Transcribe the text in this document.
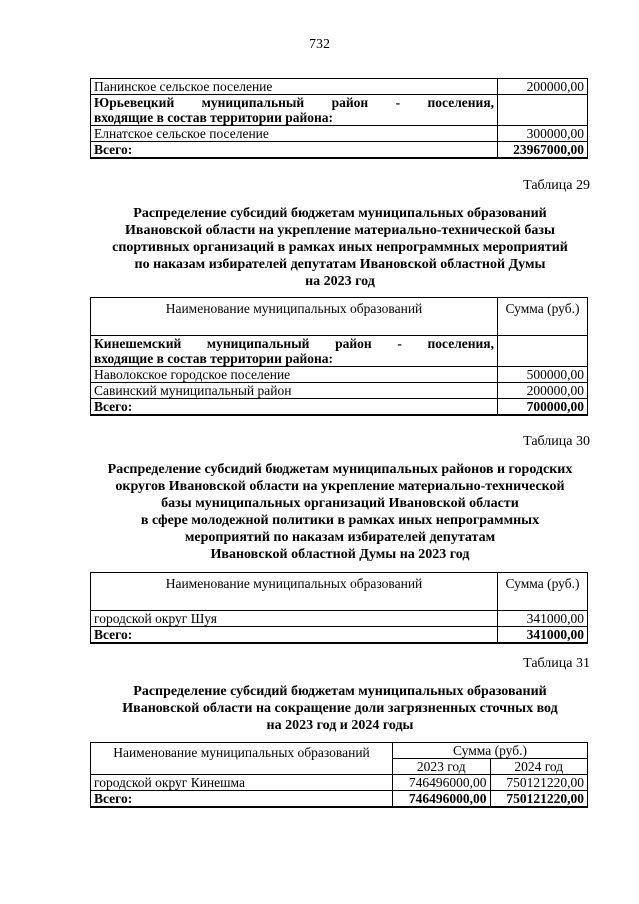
732
Панинское сельское поселение	200000,00

Юрьевецкий муниципальный район - поселения,
входящие в состав территории района:	

Елнатское сельское поселение	300000,00
Всего:	23967000,00
Таблица 29
Распределение субсидий бюджетам муниципальных образований
Ивановской области на укрепление материально-технической базы
спортивных организаций в рамках иных непрограммных мероприятий
по наказам избирателей депутатам Ивановской областной Думы
на 2023 год
Наименование муниципальных образований	Сумма (руб.)

Кинешемский муниципальный район - поселения,
входящие в состав территории района:	

Наволокское городское поселение	500000,00
Савинский муниципальный район	200000,00
Всего:	700000,00
Таблица 30
Распределение субсидий бюджетам муниципальных районов и городских
округов Ивановской области на укрепление материально-технической
базы муниципальных организаций Ивановской области
в сфере молодежной политики в рамках иных непрограммных
мероприятий по наказам избирателей депутатам
Ивановской областной Думы на 2023 год
Наименование муниципальных образований	Сумма (руб.)

городской округ Шуя	341000,00
Всего:	341000,00
Таблица 31
Распределение субсидий бюджетам муниципальных образований
Ивановской области на сокращение доли загрязненных сточных вод
на 2023 год и 2024 годы
Наименование муниципальных образований	Сумма (руб.)	
	2023 год	2024 год
городской округ Кинешма	746496000,00	750121220,00
Всего:	746496000,00	750121220,00
